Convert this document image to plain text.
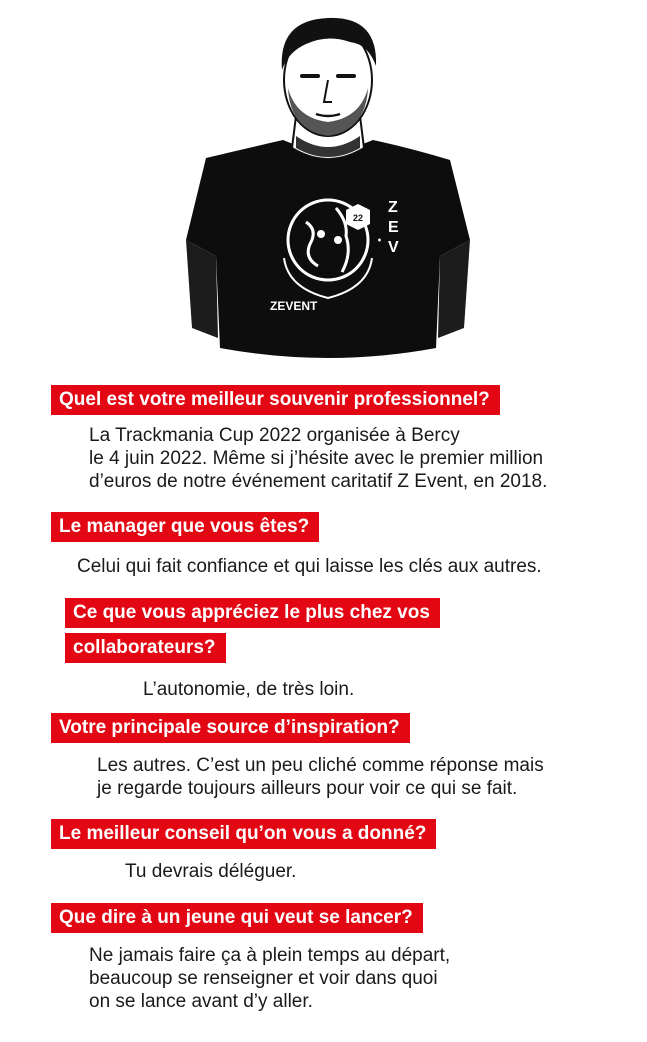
22
Z
E
V
ZEVENT
Quel est votre meilleur souvenir professionnel?
La Trackmania Cup 2022 organisée à Bercy
le 4 juin 2022. Même si j’hésite avec le premier million
d’euros de notre événement caritatif Z Event, en 2018.
Le manager que vous êtes?
Celui qui fait confiance et qui laisse les clés aux autres.
Ce que vous appréciez le plus chez vos
collaborateurs?
L’autonomie, de très loin.
Votre principale source d’inspiration?
Les autres. C’est un peu cliché comme réponse mais
je regarde toujours ailleurs pour voir ce qui se fait.
Le meilleur conseil qu’on vous a donné?
Tu devrais déléguer.
Que dire à un jeune qui veut se lancer?
Ne jamais faire ça à plein temps au départ,
beaucoup se renseigner et voir dans quoi
on se lance avant d’y aller.
